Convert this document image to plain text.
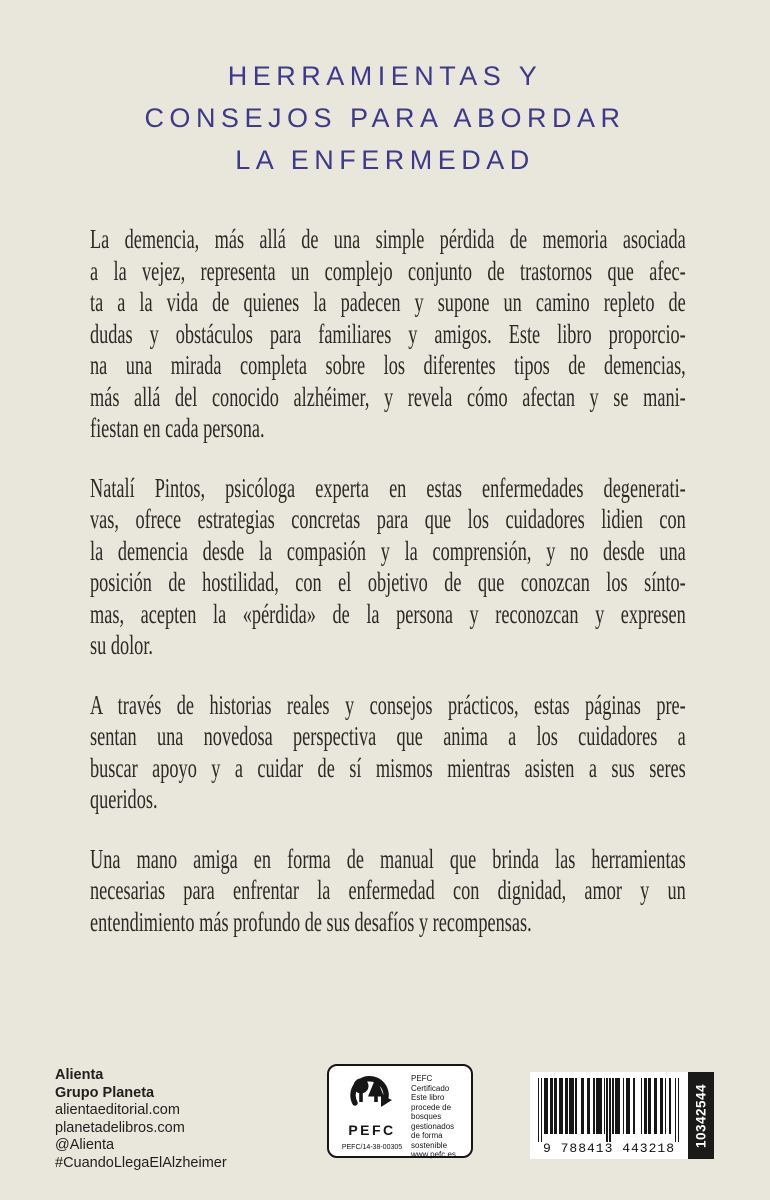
HERRAMIENTAS Y
CONSEJOS PARA ABORDAR
LA ENFERMEDAD
La demencia, más allá de una simple pérdida de memoria asociada
a la vejez, representa un complejo conjunto de trastornos que afec-
ta a la vida de quienes la padecen y supone un camino repleto de
dudas y obstáculos para familiares y amigos. Este libro proporcio-
na una mirada completa sobre los diferentes tipos de demencias,
más allá del conocido alzhéimer, y revela cómo afectan y se mani-
fiestan en cada persona.
Natalí Pintos, psicóloga experta en estas enfermedades degenerati-
vas, ofrece estrategias concretas para que los cuidadores lidien con
la demencia desde la compasión y la comprensión, y no desde una
posición de hostilidad, con el objetivo de que conozcan los sínto-
mas, acepten la «pérdida» de la persona y reconozcan y expresen
su dolor.
A través de historias reales y consejos prácticos, estas páginas pre-
sentan una novedosa perspectiva que anima a los cuidadores a
buscar apoyo y a cuidar de sí mismos mientras asisten a sus seres
queridos.
Una mano amiga en forma de manual que brinda las herramientas
necesarias para enfrentar la enfermedad con dignidad, amor y un
entendimiento más profundo de sus desafíos y recompensas.
Alienta
Grupo Planeta
alientaeditorial.com
planetadelibros.com
@Alienta
#CuandoLlegaElAlzheimer
PEFC
PEFC/14-38-00305
PEFC Certificado
Este libro procede de bosques gestionados de forma sostenible
www.pefc.es	9 788413 443218
10342544
